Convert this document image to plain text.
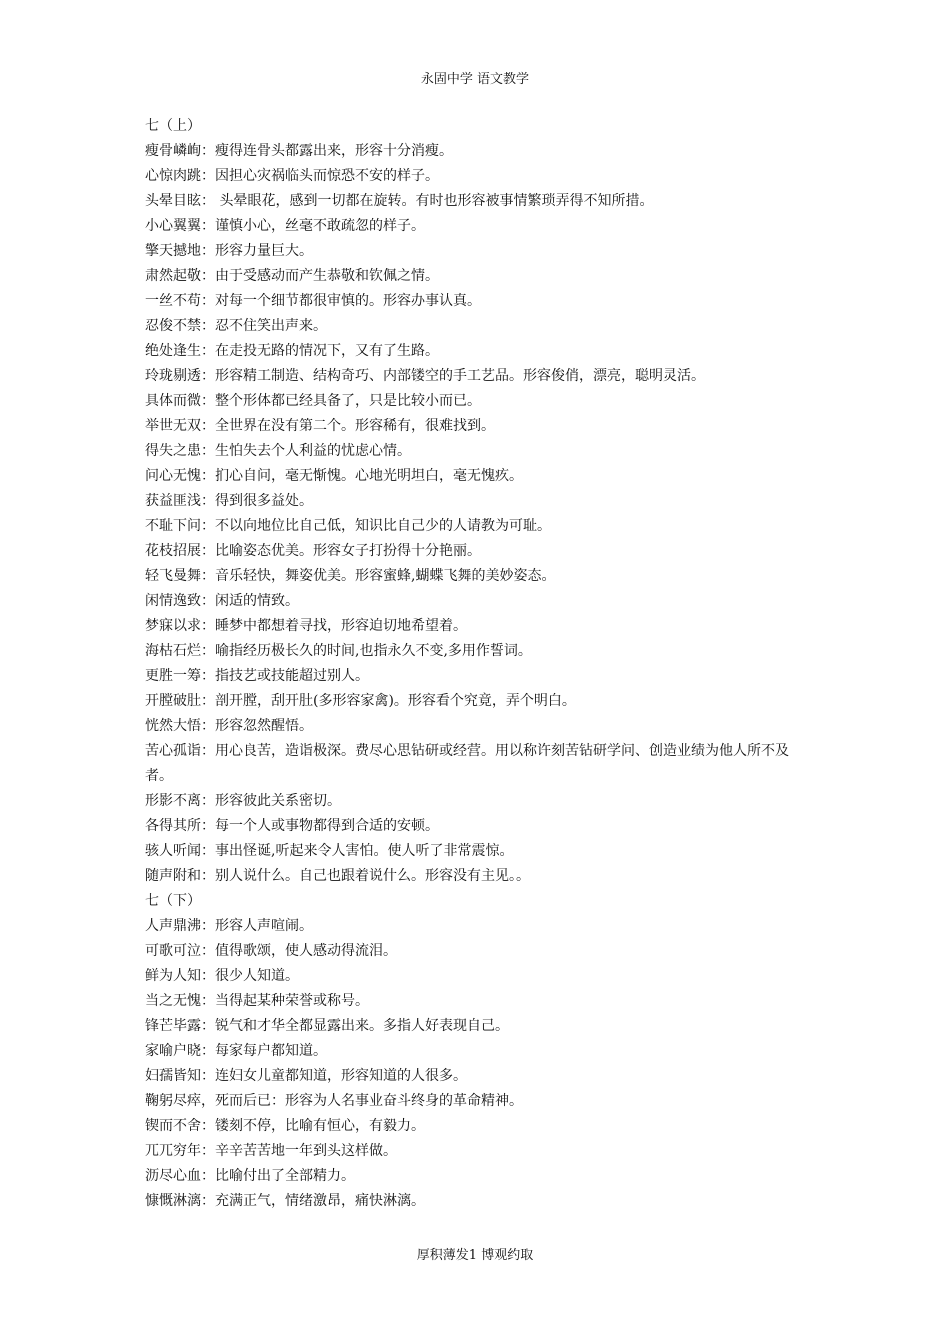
永固中学 语文教学
七（上）
瘦骨嶙峋：瘦得连骨头都露出来，形容十分消瘦。
心惊肉跳：因担心灾祸临头而惊恐不安的样子。
头晕目眩： 头晕眼花，感到一切都在旋转。有时也形容被事情繁琐弄得不知所措。
小心翼翼：谨慎小心，丝毫不敢疏忽的样子。
擎天撼地：形容力量巨大。
肃然起敬：由于受感动而产生恭敬和钦佩之情。
一丝不苟：对每一个细节都很审慎的。形容办事认真。
忍俊不禁：忍不住笑出声来。
绝处逢生：在走投无路的情况下，又有了生路。
玲珑剔透：形容精工制造、结构奇巧、内部镂空的手工艺品。形容俊俏，漂亮，聪明灵活。
具体而微：整个形体都已经具备了，只是比较小而已。
举世无双：全世界在没有第二个。形容稀有，很难找到。
得失之患：生怕失去个人利益的忧虑心情。
问心无愧：扪心自问，毫无惭愧。心地光明坦白，毫无愧疚。
获益匪浅：得到很多益处。
不耻下问：不以向地位比自己低，知识比自己少的人请教为可耻。
花枝招展：比喻姿态优美。形容女子打扮得十分艳丽。
轻飞曼舞：音乐轻快，舞姿优美。形容蜜蜂,蝴蝶飞舞的美妙姿态。
闲情逸致：闲适的情致。
梦寐以求：睡梦中都想着寻找，形容迫切地希望着。
海枯石烂：喻指经历极长久的时间,也指永久不变,多用作誓词。
更胜一筹：指技艺或技能超过别人。
开膛破肚：剖开膛，刮开肚(多形容家禽)。形容看个究竟，弄个明白。
恍然大悟：形容忽然醒悟。
苦心孤诣：用心良苦，造诣极深。费尽心思钻研或经营。用以称许刻苦钻研学问、创造业绩为他人所不及者。
形影不离：形容彼此关系密切。
各得其所：每一个人或事物都得到合适的安顿。
骇人听闻：事出怪诞,听起来令人害怕。使人听了非常震惊。
随声附和：别人说什么。自己也跟着说什么。形容没有主见。。
七（下）
人声鼎沸：形容人声喧闹。
可歌可泣：值得歌颂，使人感动得流泪。
鲜为人知：很少人知道。
当之无愧：当得起某种荣誉或称号。
锋芒毕露：锐气和才华全都显露出来。多指人好表现自己。
家喻户晓：每家每户都知道。
妇孺皆知：连妇女儿童都知道，形容知道的人很多。
鞠躬尽瘁，死而后已：形容为人名事业奋斗终身的革命精神。
锲而不舍：镂刻不停，比喻有恒心，有毅力。
兀兀穷年：辛辛苦苦地一年到头这样做。
沥尽心血：比喻付出了全部精力。
慷慨淋漓：充满正气，情绪激昂，痛快淋漓。
厚积薄发1 博观约取
